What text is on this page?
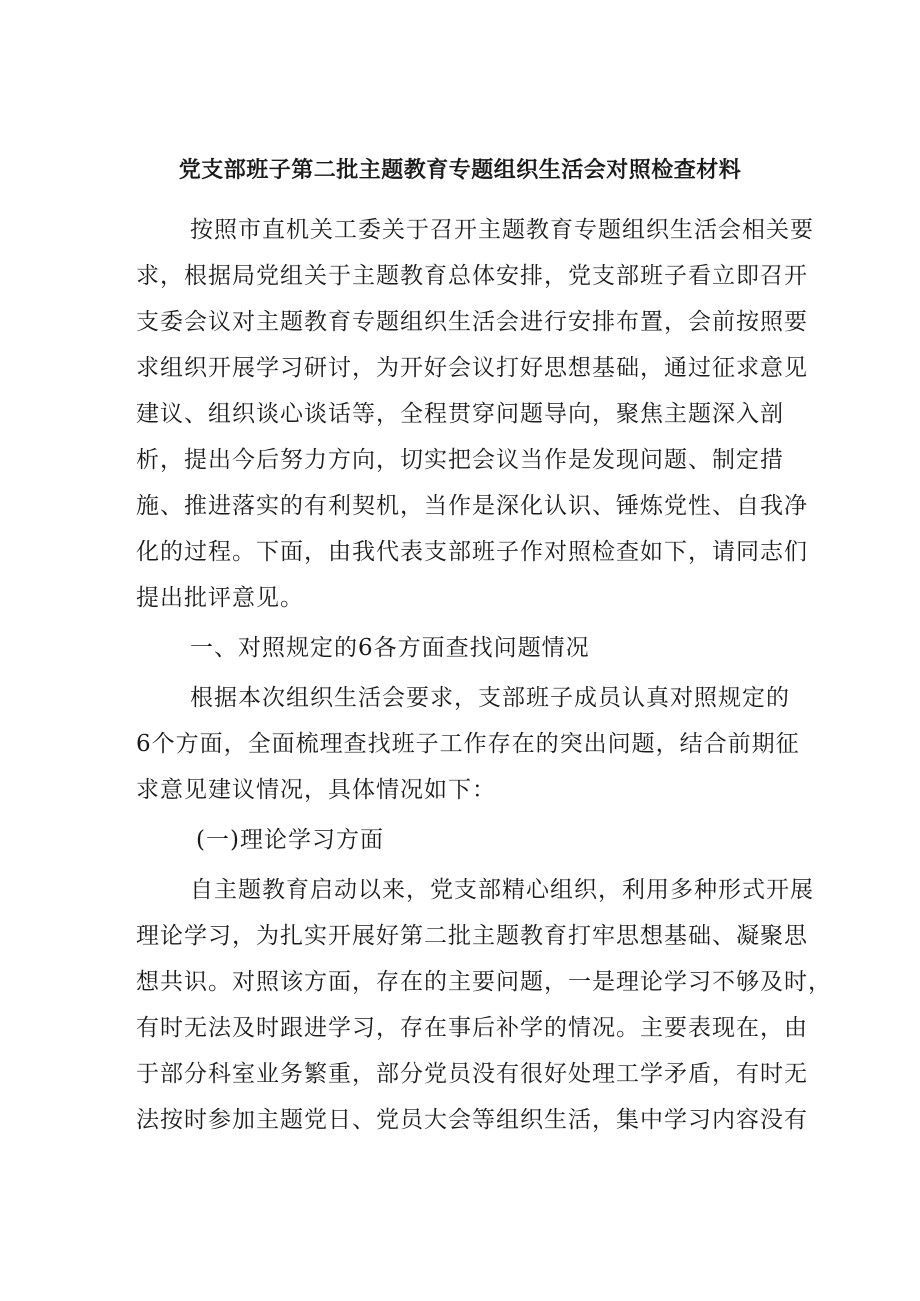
党支部班子第二批主题教育专题组织生活会对照检查材料
按照市直机关工委关于召开主题教育专题组织生活会相关要
求，根据局党组关于主题教育总体安排，党支部班子看立即召开
支委会议对主题教育专题组织生活会进行安排布置，会前按照要
求组织开展学习研讨，为开好会议打好思想基础，通过征求意见
建议、组织谈心谈话等，全程贯穿问题导向，聚焦主题深入剖
析，提出今后努力方向，切实把会议当作是发现问题、制定措
施、推进落实的有利契机，当作是深化认识、锤炼党性、自我净
化的过程。下面，由我代表支部班子作对照检查如下，请同志们
提出批评意见。
一、对照规定的6各方面查找问题情况
根据本次组织生活会要求，支部班子成员认真对照规定的
6个方面，全面梳理查找班子工作存在的突出问题，结合前期征
求意见建议情况，具体情况如下：
(一)理论学习方面
自主题教育启动以来，党支部精心组织，利用多种形式开展
理论学习，为扎实开展好第二批主题教育打牢思想基础、凝聚思
想共识。对照该方面，存在的主要问题，一是理论学习不够及时，
有时无法及时跟进学习，存在事后补学的情况。主要表现在，由
于部分科室业务繁重，部分党员没有很好处理工学矛盾，有时无
法按时参加主题党日、党员大会等组织生活，集中学习内容没有
